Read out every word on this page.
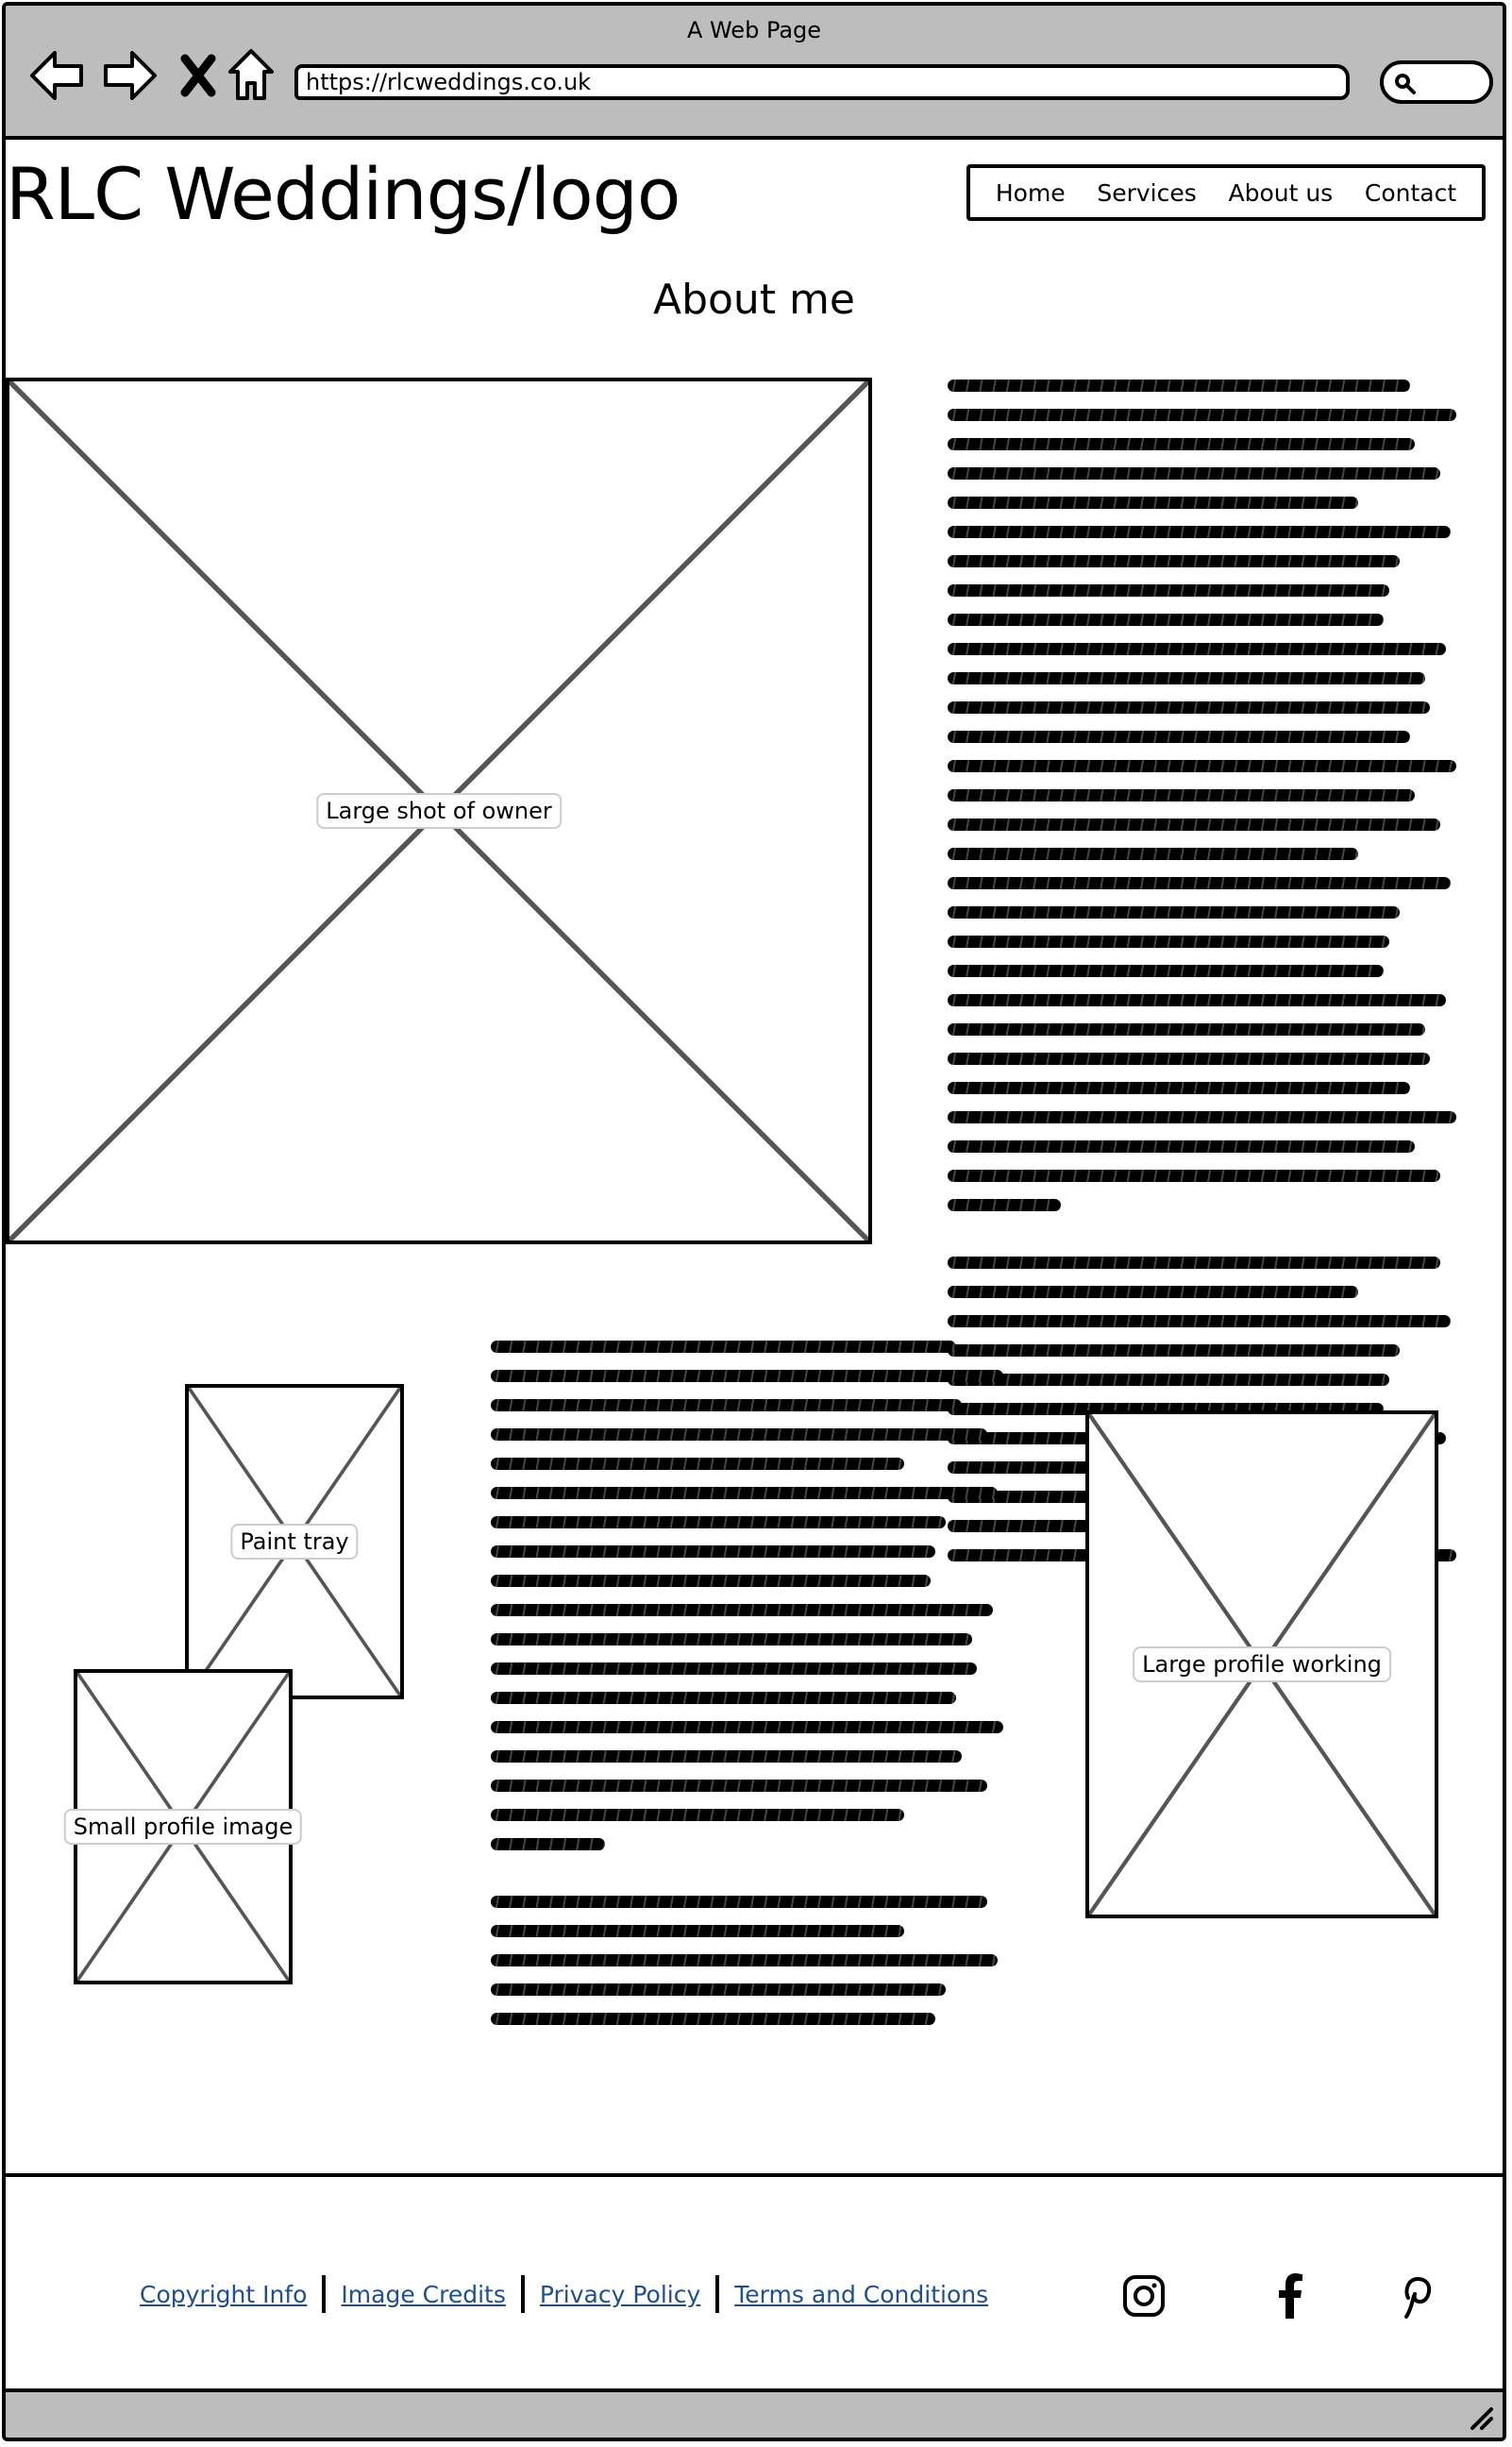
A Web Page
https://rlcweddings.co.uk
RLC Weddings/logo	Home Services About us Contact
About me
Large shot of owner
Paint tray
Small profile image
Large profile working
Copyright Info Image Credits Privacy Policy Terms and Conditions
